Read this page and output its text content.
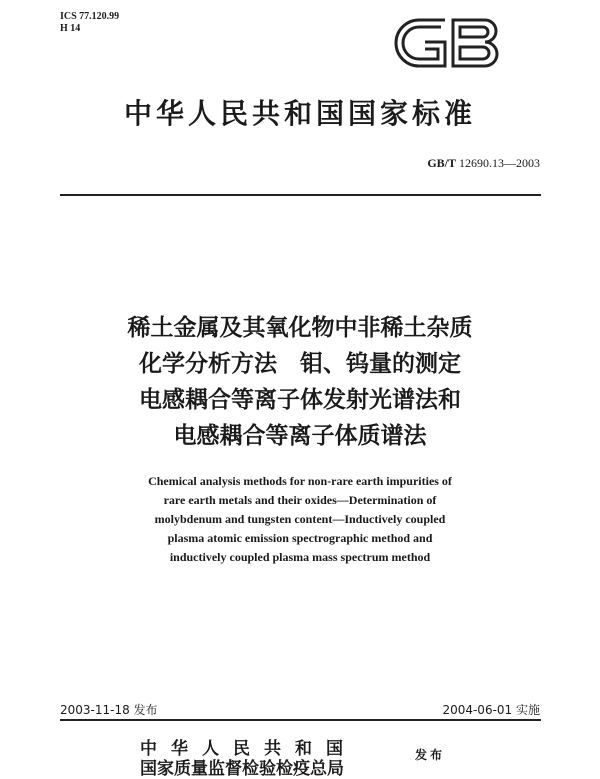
ICS 77.120.99
H 14
中华人民共和国国家标准
GB/T 12690.13—2003
稀土金属及其氧化物中非稀土杂质
化学分析方法　钼、钨量的测定
电感耦合等离子体发射光谱法和
电感耦合等离子体质谱法
Chemical analysis methods for non-rare earth impurities of
rare earth metals and their oxides—Determination of
molybdenum and tungsten content—Inductively coupled
plasma atomic emission spectrographic method and
inductively coupled plasma mass spectrum method
2003-11-18 发布	2004-06-01 实施
中华人民共和国
国家质量监督检验检疫总局
发布
